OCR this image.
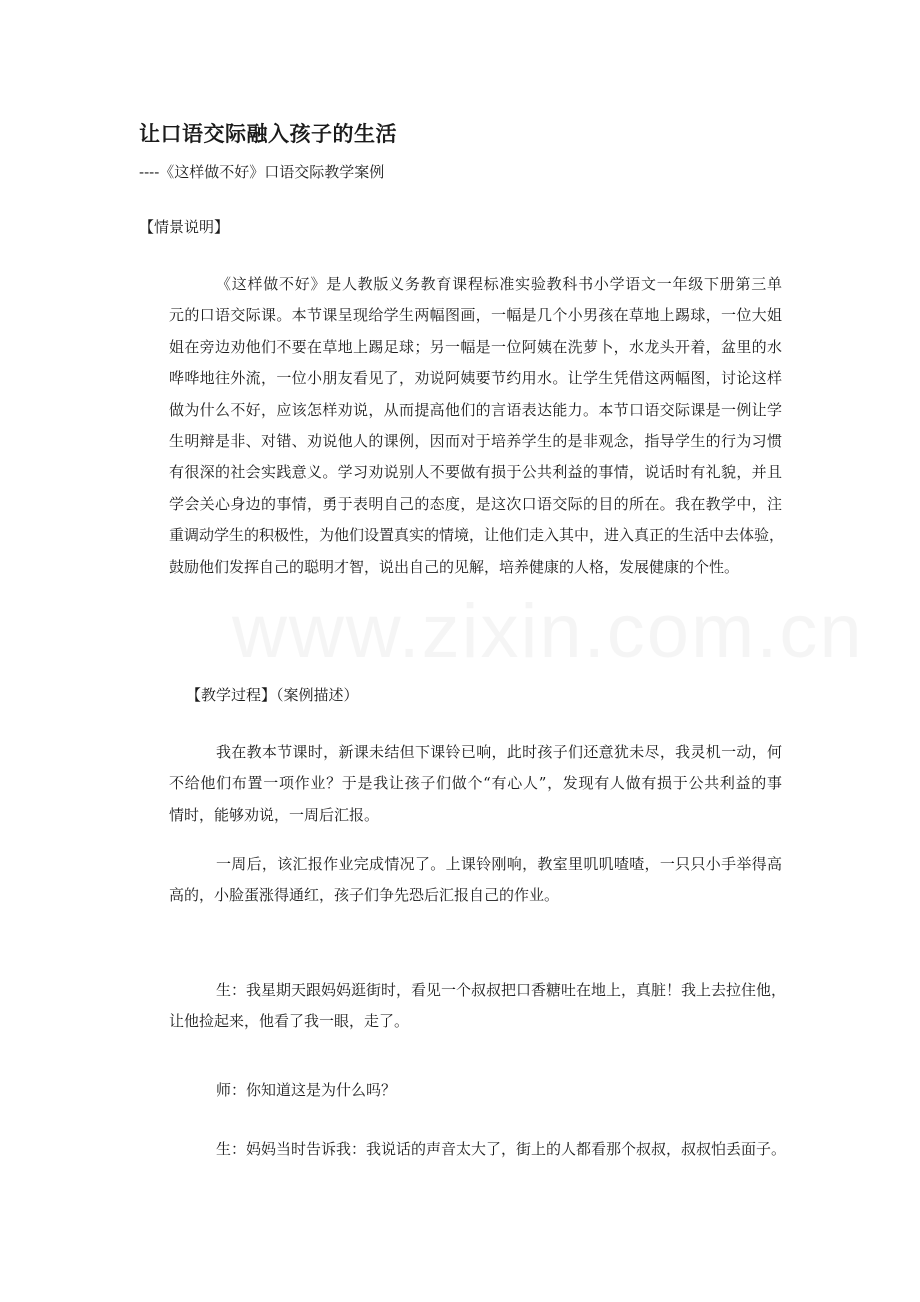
www.zixin.com.cn
让口语交际融入孩子的生活
----《这样做不好》口语交际教学案例
【情景说明】
《这样做不好》是人教版义务教育课程标准实验教科书小学语文一年级下册第三单
元的口语交际课。本节课呈现给学生两幅图画，一幅是几个小男孩在草地上踢球，一位大姐
姐在旁边劝他们不要在草地上踢足球；另一幅是一位阿姨在洗萝卜，水龙头开着，盆里的水
哗哗地往外流，一位小朋友看见了，劝说阿姨要节约用水。让学生凭借这两幅图，讨论这样
做为什么不好，应该怎样劝说，从而提高他们的言语表达能力。本节口语交际课是一例让学
生明辩是非、对错、劝说他人的课例，因而对于培养学生的是非观念，指导学生的行为习惯
有很深的社会实践意义。学习劝说别人不要做有损于公共利益的事情，说话时有礼貌，并且
学会关心身边的事情，勇于表明自己的态度，是这次口语交际的目的所在。我在教学中，注
重调动学生的积极性，为他们设置真实的情境，让他们走入其中，进入真正的生活中去体验，
鼓励他们发挥自己的聪明才智，说出自己的见解，培养健康的人格，发展健康的个性。
【教学过程】（案例描述）
我在教本节课时，新课未结但下课铃已响，此时孩子们还意犹未尽，我灵机一动，何
不给他们布置一项作业？于是我让孩子们做个“有心人”，发现有人做有损于公共利益的事
情时，能够劝说，一周后汇报。
一周后，该汇报作业完成情况了。上课铃刚响，教室里叽叽喳喳，一只只小手举得高
高的，小脸蛋涨得通红，孩子们争先恐后汇报自己的作业。
生：我星期天跟妈妈逛街时，看见一个叔叔把口香糖吐在地上，真脏！我上去拉住他，
让他捡起来，他看了我一眼，走了。
师：你知道这是为什么吗？
生：妈妈当时告诉我：我说话的声音太大了，街上的人都看那个叔叔，叔叔怕丢面子。
